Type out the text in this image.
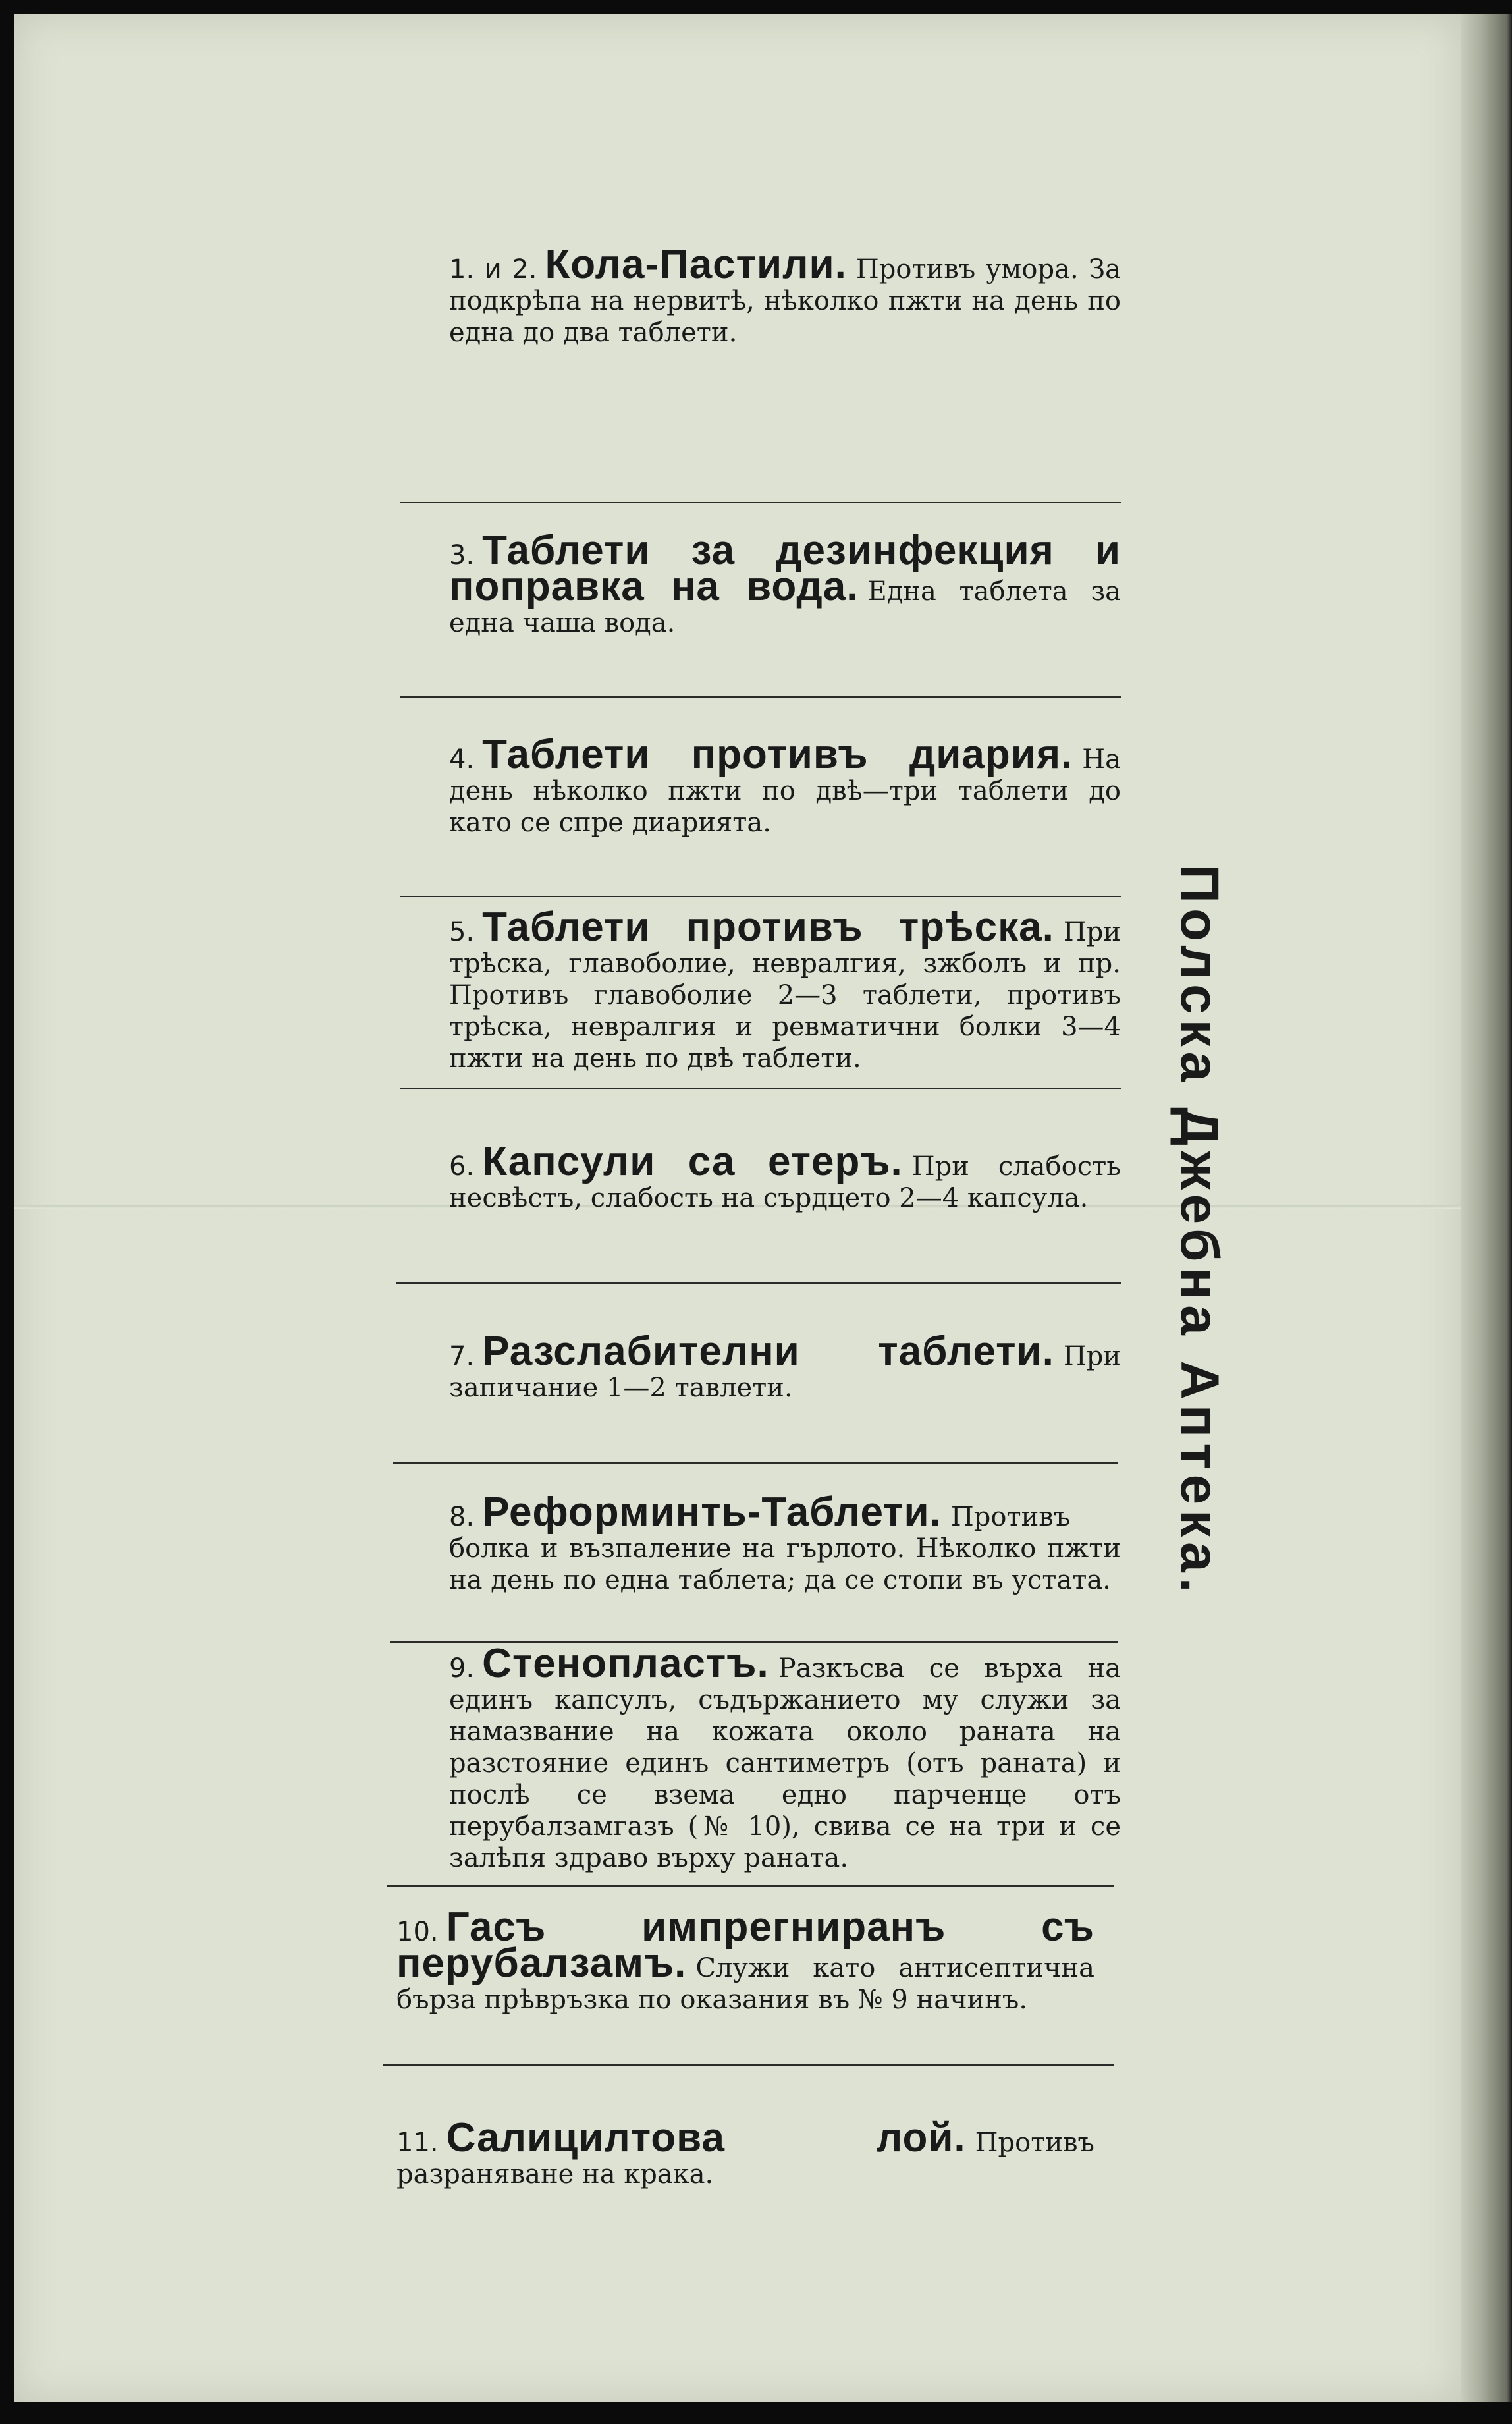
1. и 2. Кола-Пастили. Противъ умора. За подкрѣпа на нервитѣ, нѣколко пжти на день по една до два таблети.
3. Таблети за дезинфекция и поправка на вода. Една таблета за една чаша вода.
4. Таблети противъ диария. На день нѣколко пжти по двѣ—три таблети до като се спре диарията.
5. Таблети противъ трѣска. При трѣска, главоболие, невралгия, зжболъ и пр. Противъ главоболие 2—3 таблети, противъ трѣска, невралгия и ревматични болки 3—4 пжти на день по двѣ таблети.
6. Капсули са етеръ. При слабость несвѣстъ, слабость на сърдцето 2—4 капсула.
7. Разслабителни таблети. При запичание 1—2 тавлети.
8. Реформинть-Таблети. Противъ болка и възпаление на гърлото. Нѣколко пжти на день по една таблета; да се стопи въ устата.
9. Стенопластъ. Разкъсва се върха на единъ капсулъ, съдържанието му служи за намазвание на кожата около раната на разстояние единъ сантиметръ (отъ раната) и послѣ се взема едно парченце отъ перубалзамгазъ (№ 10), свива се на три и се залѣпя здраво върху раната.
10. Гасъ импрегниранъ съ перубалзамъ. Служи като антисептична бърза прѣвръзка по оказания въ № 9 начинъ.
11. Салицилтова лой. Противъ разраняване на крака.
Полска Джебна Аптека.
